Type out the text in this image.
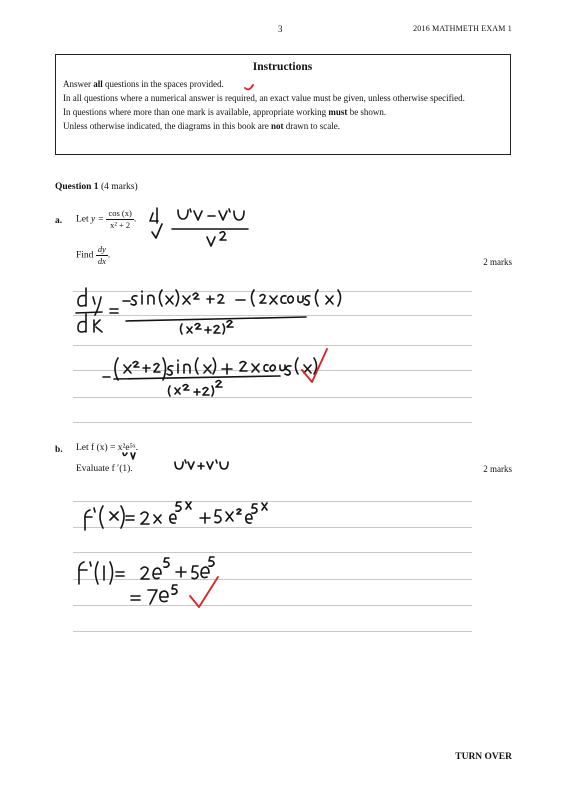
3	2016 MATHMETH EXAM 1
Instructions

Answer all questions in the spaces provided.

In all questions where a numerical answer is required, an exact value must be given, unless otherwise specified.

In questions where more than one mark is available, appropriate working must be shown.

Unless otherwise indicated, the diagrams in this book are not drawn to scale.

Question 1 (4 marks)
a. Let $y = \frac{\cos (x)}{\text{x² + 2}}$ .
Find $\frac{dy}{dx}$ .
2 marks
b. Let f (x) = x²e⁵ˣ.
Evaluate f ′(1).	2 marks
TURN OVER
